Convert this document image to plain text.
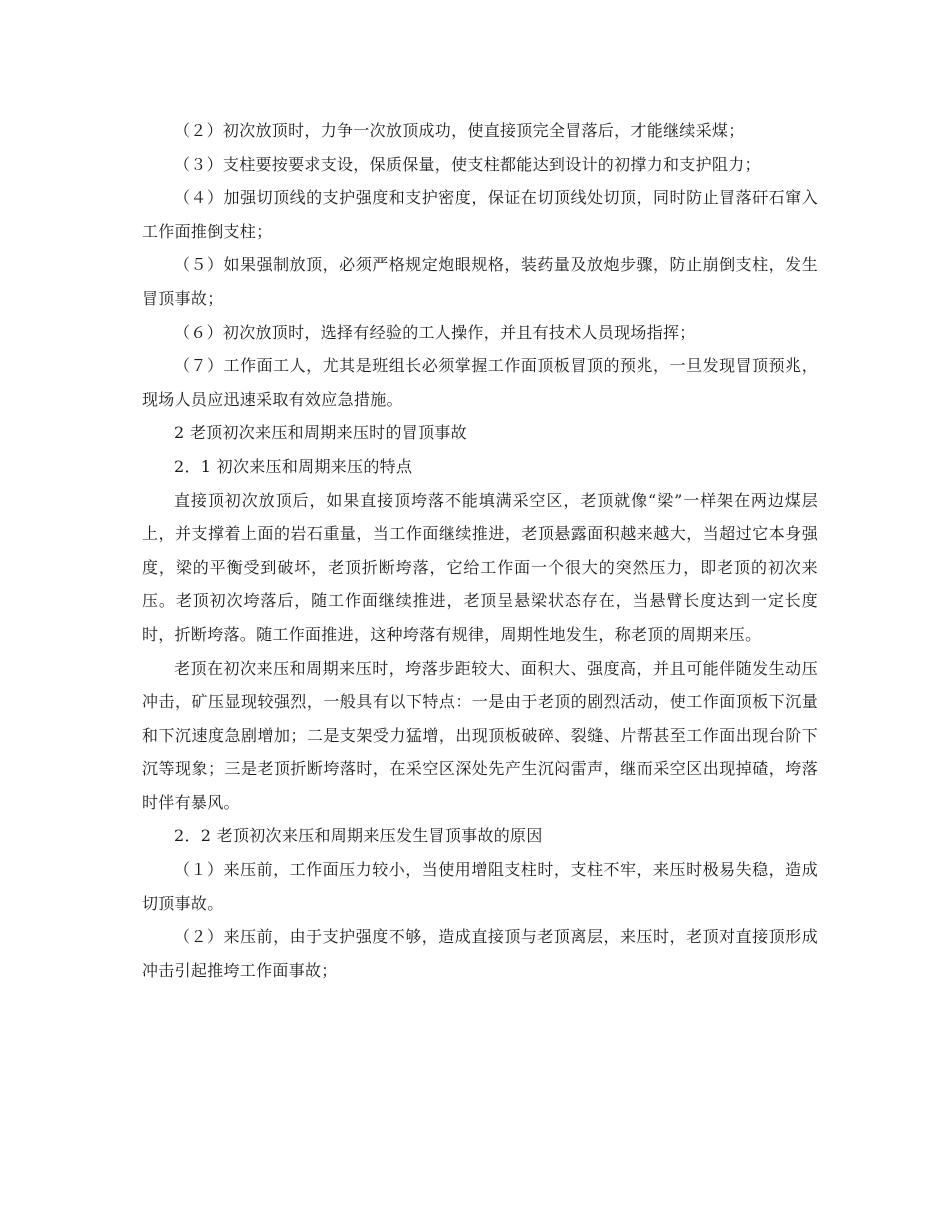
（２）初次放顶时，力争一次放顶成功，使直接顶完全冒落后，才能继续采煤；

（３）支柱要按要求支设，保质保量，使支柱都能达到设计的初撑力和支护阻力；

（４）加强切顶线的支护强度和支护密度，保证在切顶线处切顶，同时防止冒落矸石窜入工作面推倒支柱；

（５）如果强制放顶，必须严格规定炮眼规格，装药量及放炮步骤，防止崩倒支柱，发生冒顶事故；

（６）初次放顶时，选择有经验的工人操作，并且有技术人员现场指挥；

（７）工作面工人，尤其是班组长必须掌握工作面顶板冒顶的预兆，一旦发现冒顶预兆，现场人员应迅速采取有效应急措施。

2 老顶初次来压和周期来压时的冒顶事故

2．1 初次来压和周期来压的特点

直接顶初次放顶后，如果直接顶垮落不能填满采空区，老顶就像“梁”一样架在两边煤层上，并支撑着上面的岩石重量，当工作面继续推进，老顶悬露面积越来越大，当超过它本身强度，梁的平衡受到破坏，老顶折断垮落，它给工作面一个很大的突然压力，即老顶的初次来压。老顶初次垮落后，随工作面继续推进，老顶呈悬梁状态存在，当悬臂长度达到一定长度时，折断垮落。随工作面推进，这种垮落有规律，周期性地发生，称老顶的周期来压。

老顶在初次来压和周期来压时，垮落步距较大、面积大、强度高，并且可能伴随发生动压冲击，矿压显现较强烈，一般具有以下特点：一是由于老顶的剧烈活动，使工作面顶板下沉量和下沉速度急剧增加；二是支架受力猛增，出现顶板破碎、裂缝、片帮甚至工作面出现台阶下沉等现象；三是老顶折断垮落时，在采空区深处先产生沉闷雷声，继而采空区出现掉碴，垮落时伴有暴风。

2．2 老顶初次来压和周期来压发生冒顶事故的原因

（１）来压前，工作面压力较小，当使用增阻支柱时，支柱不牢，来压时极易失稳，造成切顶事故。

（２）来压前，由于支护强度不够，造成直接顶与老顶离层，来压时，老顶对直接顶形成冲击引起推垮工作面事故；
